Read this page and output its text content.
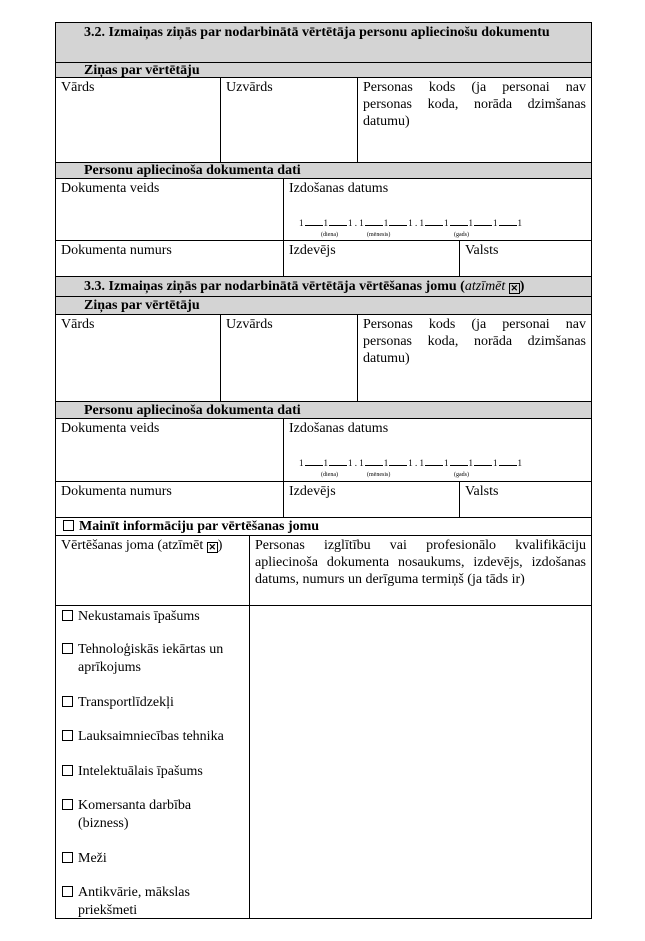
3.2. Izmaiņas ziņās par nodarbinātā vērtētāja personu apliecinošu dokumentu
Ziņas par vērtētāju
Vārds	Uzvārds	Personas kods (ja personai nav personas koda, norāda dzimšanas datumu)
Personu apliecinoša dokumenta dati
Dokumenta veids	Izdošanas datums
1 1 1 . 1 1 1 . 1 1 1 1 1
(diena)	(mēnesis)	(gads)
Dokumenta numurs	Izdevējs	Valsts
3.3. Izmaiņas ziņās par nodarbinātā vērtētāja vērtēšanas jomu (atzīmēt ✕ )
Ziņas par vērtētāju
Vārds	Uzvārds	Personas kods (ja personai nav personas koda, norāda dzimšanas datumu)
Personu apliecinoša dokumenta dati
Dokumenta veids	Izdošanas datums
1 1 1 . 1 1 1 . 1 1 1 1 1
(diena)	(mēnesis)	(gads)
Dokumenta numurs	Izdevējs	Valsts
Mainīt informāciju par vērtēšanas jomu
Vērtēšanas joma (atzīmēt ✕ )	Personas izglītību vai profesionālo kvalifikāciju apliecinoša dokumenta nosaukums, izdevējs, izdošanas datums, numurs un derīguma termiņš (ja tāds ir)
Nekustamais īpašums
Tehnoloģiskās iekārtas un aprīkojums
Transportlīdzekļi
Lauksaimniecības tehnika
Intelektuālais īpašums
Komersanta darbība (bizness)
Meži
Antikvārie, mākslas priekšmeti
